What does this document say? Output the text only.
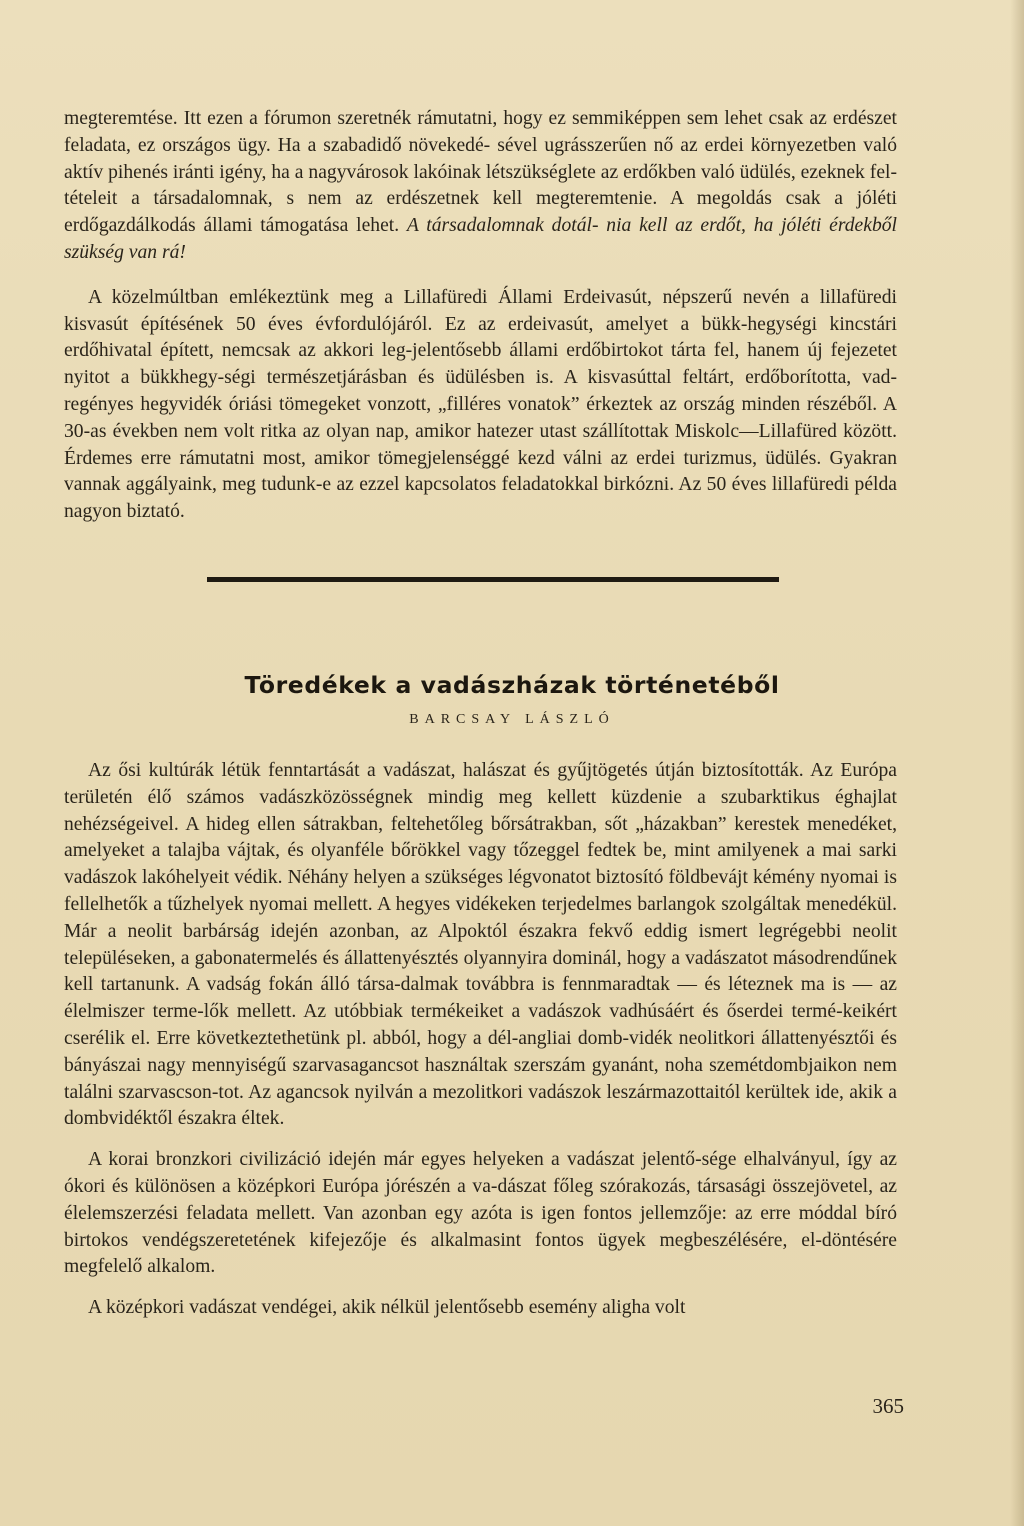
megteremtése. Itt ezen a fórumon szeretnék rámutatni, hogy ez semmiképpen sem lehet csak az erdészet feladata, ez országos ügy. Ha a szabadidő növekedé- sével ugrásszerűen nő az erdei környezetben való aktív pihenés iránti igény, ha a nagyvárosok lakóinak létszükséglete az erdőkben való üdülés, ezeknek fel- tételeit a társadalomnak, s nem az erdészetnek kell megteremtenie. A megoldás csak a jóléti erdőgazdálkodás állami támogatása lehet. A társadalomnak dotál- nia kell az erdőt, ha jóléti érdekből szükség van rá!

A közelmúltban emlékeztünk meg a Lillafüredi Állami Erdeivasút, népszerű nevén a lillafüredi kisvasút építésének 50 éves évfordulójáról. Ez az erdeivasút, amelyet a bükk-hegységi kincstári erdőhivatal épített, nemcsak az akkori leg-jelentősebb állami erdőbirtokot tárta fel, hanem új fejezetet nyitot a bükkhegy-ségi természetjárásban és üdülésben is. A kisvasúttal feltárt, erdőborította, vad-regényes hegyvidék óriási tömegeket vonzott, „filléres vonatok” érkeztek az ország minden részéből. A 30-as években nem volt ritka az olyan nap, amikor hatezer utast szállítottak Miskolc—Lillafüred között. Érdemes erre rámutatni most, amikor tömegjelenséggé kezd válni az erdei turizmus, üdülés. Gyakran vannak aggályaink, meg tudunk-e az ezzel kapcsolatos feladatokkal birkózni. Az 50 éves lillafüredi példa nagyon biztató.

Töredékek a vadászházak történetéből
BARCSAY LÁSZLÓ

Az ősi kultúrák létük fenntartását a vadászat, halászat és gyűjtögetés útján biztosították. Az Európa területén élő számos vadászközösségnek mindig meg kellett küzdenie a szubarktikus éghajlat nehézségeivel. A hideg ellen sátrakban, feltehetőleg bőrsátrakban, sőt „házakban” kerestek menedéket, amelyeket a talajba vájtak, és olyanféle bőrökkel vagy tőzeggel fedtek be, mint amilyenek a mai sarki vadászok lakóhelyeit védik. Néhány helyen a szükséges légvonatot biztosító földbevájt kémény nyomai is fellelhetők a tűzhelyek nyomai mellett. A hegyes vidékeken terjedelmes barlangok szolgáltak menedékül. Már a neolit barbárság idején azonban, az Alpoktól északra fekvő eddig ismert legrégebbi neolit településeken, a gabonatermelés és állattenyésztés olyannyira dominál, hogy a vadászatot másodrendűnek kell tartanunk. A vadság fokán álló társa-dalmak továbbra is fennmaradtak — és léteznek ma is — az élelmiszer terme-lők mellett. Az utóbbiak termékeiket a vadászok vadhúsáért és őserdei termé-keikért cserélik el. Erre következtethetünk pl. abból, hogy a dél-angliai domb-vidék neolitkori állattenyésztői és bányászai nagy mennyiségű szarvasagancsot használtak szerszám gyanánt, noha szemétdombjaikon nem találni szarvascson-tot. Az agancsok nyilván a mezolitkori vadászok leszármazottaitól kerültek ide, akik a dombvidéktől északra éltek.

A korai bronzkori civilizáció idején már egyes helyeken a vadászat jelentő-sége elhalványul, így az ókori és különösen a középkori Európa jórészén a va-dászat főleg szórakozás, társasági összejövetel, az élelemszerzési feladata mellett. Van azonban egy azóta is igen fontos jellemzője: az erre móddal bíró birtokos vendégszeretetének kifejezője és alkalmasint fontos ügyek megbeszélésére, el-döntésére megfelelő alkalom.

A középkori vadászat vendégei, akik nélkül jelentősebb esemény aligha volt

365
